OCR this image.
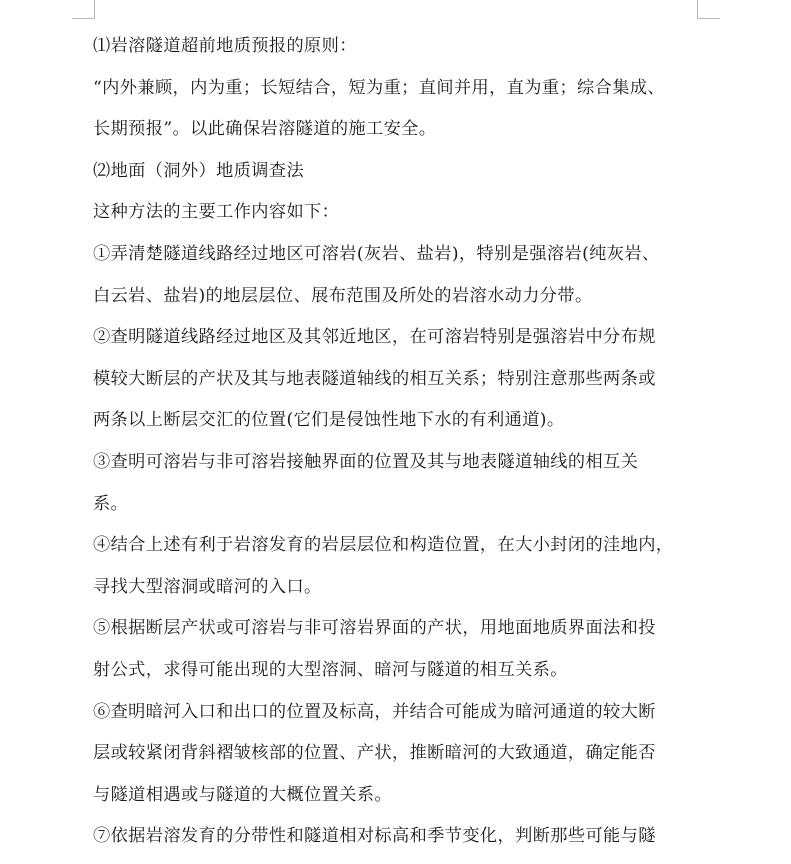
⑴岩溶隧道超前地质预报的原则：

“内外兼顾，内为重；长短结合，短为重；直间并用，直为重；综合集成、
长期预报”。以此确保岩溶隧道的施工安全。

⑵地面（洞外）地质调查法

这种方法的主要工作内容如下：

①弄清楚隧道线路经过地区可溶岩(灰岩、盐岩)，特别是强溶岩(纯灰岩、
白云岩、盐岩)的地层层位、展布范围及所处的岩溶水动力分带。

②查明隧道线路经过地区及其邻近地区，在可溶岩特别是强溶岩中分布规
模较大断层的产状及其与地表隧道轴线的相互关系；特别注意那些两条或
两条以上断层交汇的位置(它们是侵蚀性地下水的有利通道)。

③查明可溶岩与非可溶岩接触界面的位置及其与地表隧道轴线的相互关
系。

④结合上述有利于岩溶发育的岩层层位和构造位置，在大小封闭的洼地内，
寻找大型溶洞或暗河的入口。

⑤根据断层产状或可溶岩与非可溶岩界面的产状，用地面地质界面法和投
射公式，求得可能出现的大型溶洞、暗河与隧道的相互关系。

⑥查明暗河入口和出口的位置及标高，并结合可能成为暗河通道的较大断
层或较紧闭背斜褶皱核部的位置、产状，推断暗河的大致通道，确定能否
与隧道相遇或与隧道的大概位置关系。

⑦依据岩溶发育的分带性和隧道相对标高和季节变化，判断那些可能与隧
